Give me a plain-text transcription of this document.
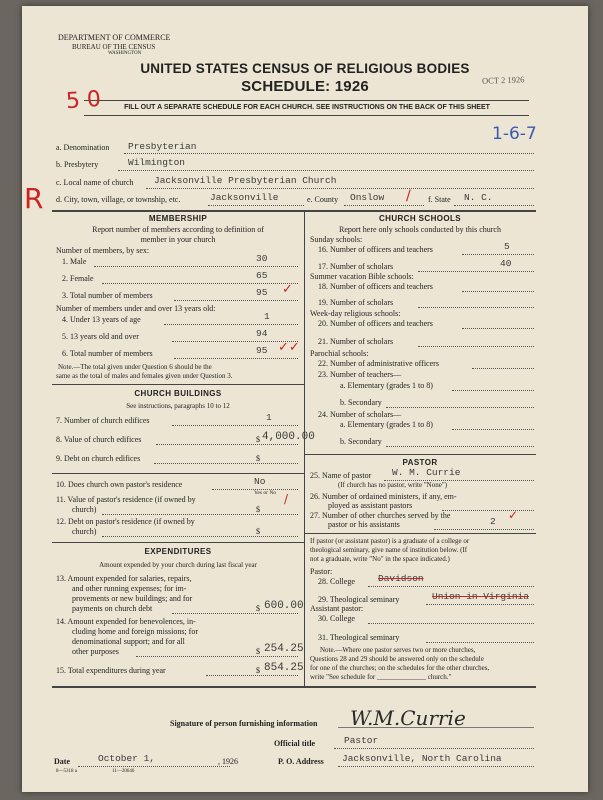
DEPARTMENT OF COMMERCE
BUREAU OF THE CENSUS
WASHINGTON
UNITED STATES CENSUS OF RELIGIOUS BODIES
SCHEDULE: 1926
FILL OUT A SEPARATE SCHEDULE FOR EACH CHURCH. SEE INSTRUCTIONS ON THE BACK OF THIS SHEET
OCT 2 1926
5 0
1-6-7
R
a. Denomination Presbyterian
b. Presbytery	Wilmington
c. Local name of church Jacksonville Presbyterian Church
d. City, town, village, or township, etc.	Jacksonville	e. County Onslow / f. State N. C.
MEMBERSHIP
Report number of members according to definition of
member in your church
Number of members, by sex:
1. Male	30
2. Female	65
3. Total number of members	95 ✓
Number of members under and over 13 years old:
4. Under 13 years of age	1
5. 13 years old and over	94
6. Total number of members	95 ✓✓
Note.—The total given under Question 6 should be the
same as the total of males and females given under Question 3.
CHURCH BUILDINGS
See instructions, paragraphs 10 to 12
7. Number of church edifices	1
8. Value of church edifices	$ 4,000.00
9. Debt on church edifices	$
10. Does church own pastor's residence	No
Yes or No
11. Value of pastor's residence (if owned by
church)	$
/
12. Debt on pastor's residence (if owned by
church)	$
EXPENDITURES
Amount expended by your church during last fiscal year
13. Amount expended for salaries, repairs,
and other running expenses; for im-
provements or new buildings; and for
payments on church debt	$ 600.00
14. Amount expended for benevolences, in-
cluding home and foreign missions; for
denominational support; and for all
other purposes	$ 254.25
15. Total expenditures during year	$ 854.25
CHURCH SCHOOLS
Report here only schools conducted by this church
Sunday schools:
16. Number of officers and teachers	5
17. Number of scholars	40
Summer vacation Bible schools:
18. Number of officers and teachers
19. Number of scholars
Week-day religious schools:
20. Number of officers and teachers
21. Number of scholars
Parochial schools:
22. Number of administrative officers
23. Number of teachers—
a. Elementary (grades 1 to 8)
b. Secondary
24. Number of scholars—
a. Elementary (grades 1 to 8)
b. Secondary
PASTOR
25. Name of pastor W. M. Currie
(If church has no pastor, write "None")
26. Number of ordained ministers, if any, em-
ployed as assistant pastors
27. Number of other churches served by the
pastor or his assistants	2 ✓
If pastor (or assistant pastor) is a graduate of a college or
theological seminary, give name of institution below. (If
not a graduate, write "No" in the space indicated.)
Pastor:
28. College Davidson
29. Theological seminary	Union in Virginia
Assistant pastor:
30. College
31. Theological seminary
Note.—Where one pastor serves two or more churches,
Questions 28 and 29 should be answered only on the schedule
for one of the churches; on the schedules for the other churches,
write "See schedule for ______________ church."
Signature of person furnishing information W.M.Currie
Official title	Pastor
Date	October 1,	, 1926	P. O. Address Jacksonville, North Carolina
8—5318 a	11—20646
